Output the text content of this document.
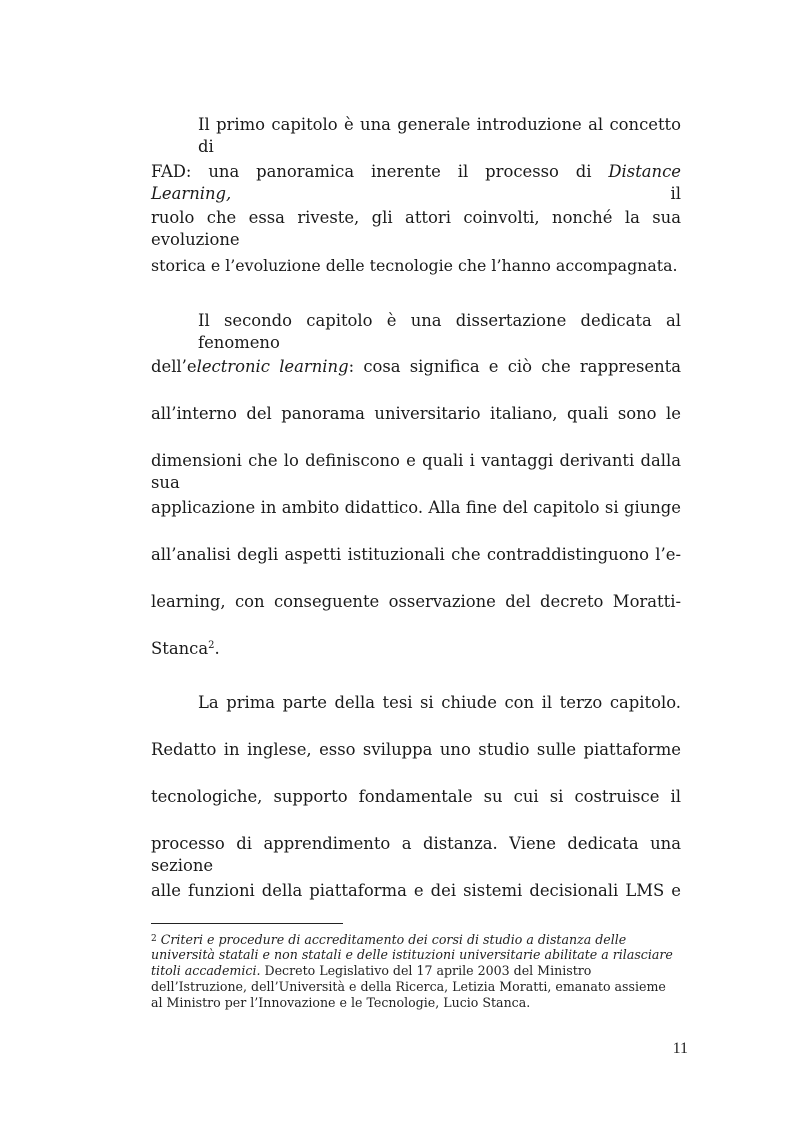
Il primo capitolo è una generale introduzione al concetto di
FAD: una panoramica inerente il processo di Distance Learning, il
ruolo che essa riveste, gli attori coinvolti, nonché la sua evoluzione
storica e l’evoluzione delle tecnologie che l’hanno accompagnata.
Il secondo capitolo è una dissertazione dedicata al fenomeno
dell’electronic learning: cosa significa e ciò che rappresenta
all’interno del panorama universitario italiano, quali sono le
dimensioni che lo definiscono e quali i vantaggi derivanti dalla sua
applicazione in ambito didattico. Alla fine del capitolo si giunge
all’analisi degli aspetti istituzionali che contraddistinguono l’e-
learning, con conseguente osservazione del decreto Moratti-
Stanca$^2$.
La prima parte della tesi si chiude con il terzo capitolo.
Redatto in inglese, esso sviluppa uno studio sulle piattaforme
tecnologiche, supporto fondamentale su cui si costruisce il
processo di apprendimento a distanza. Viene dedicata una sezione
alle funzioni della piattaforma e dei sistemi decisionali LMS e
$^2$ Criteri e procedure di accreditamento dei corsi di studio a distanza delle
università statali e non statali e delle istituzioni universitarie abilitate a rilasciare
titoli accademici. Decreto Legislativo del 17 aprile 2003 del Ministro
dell’Istruzione, dell’Università e della Ricerca, Letizia Moratti, emanato assieme
al Ministro per l’Innovazione e le Tecnologie, Lucio Stanca.
11
